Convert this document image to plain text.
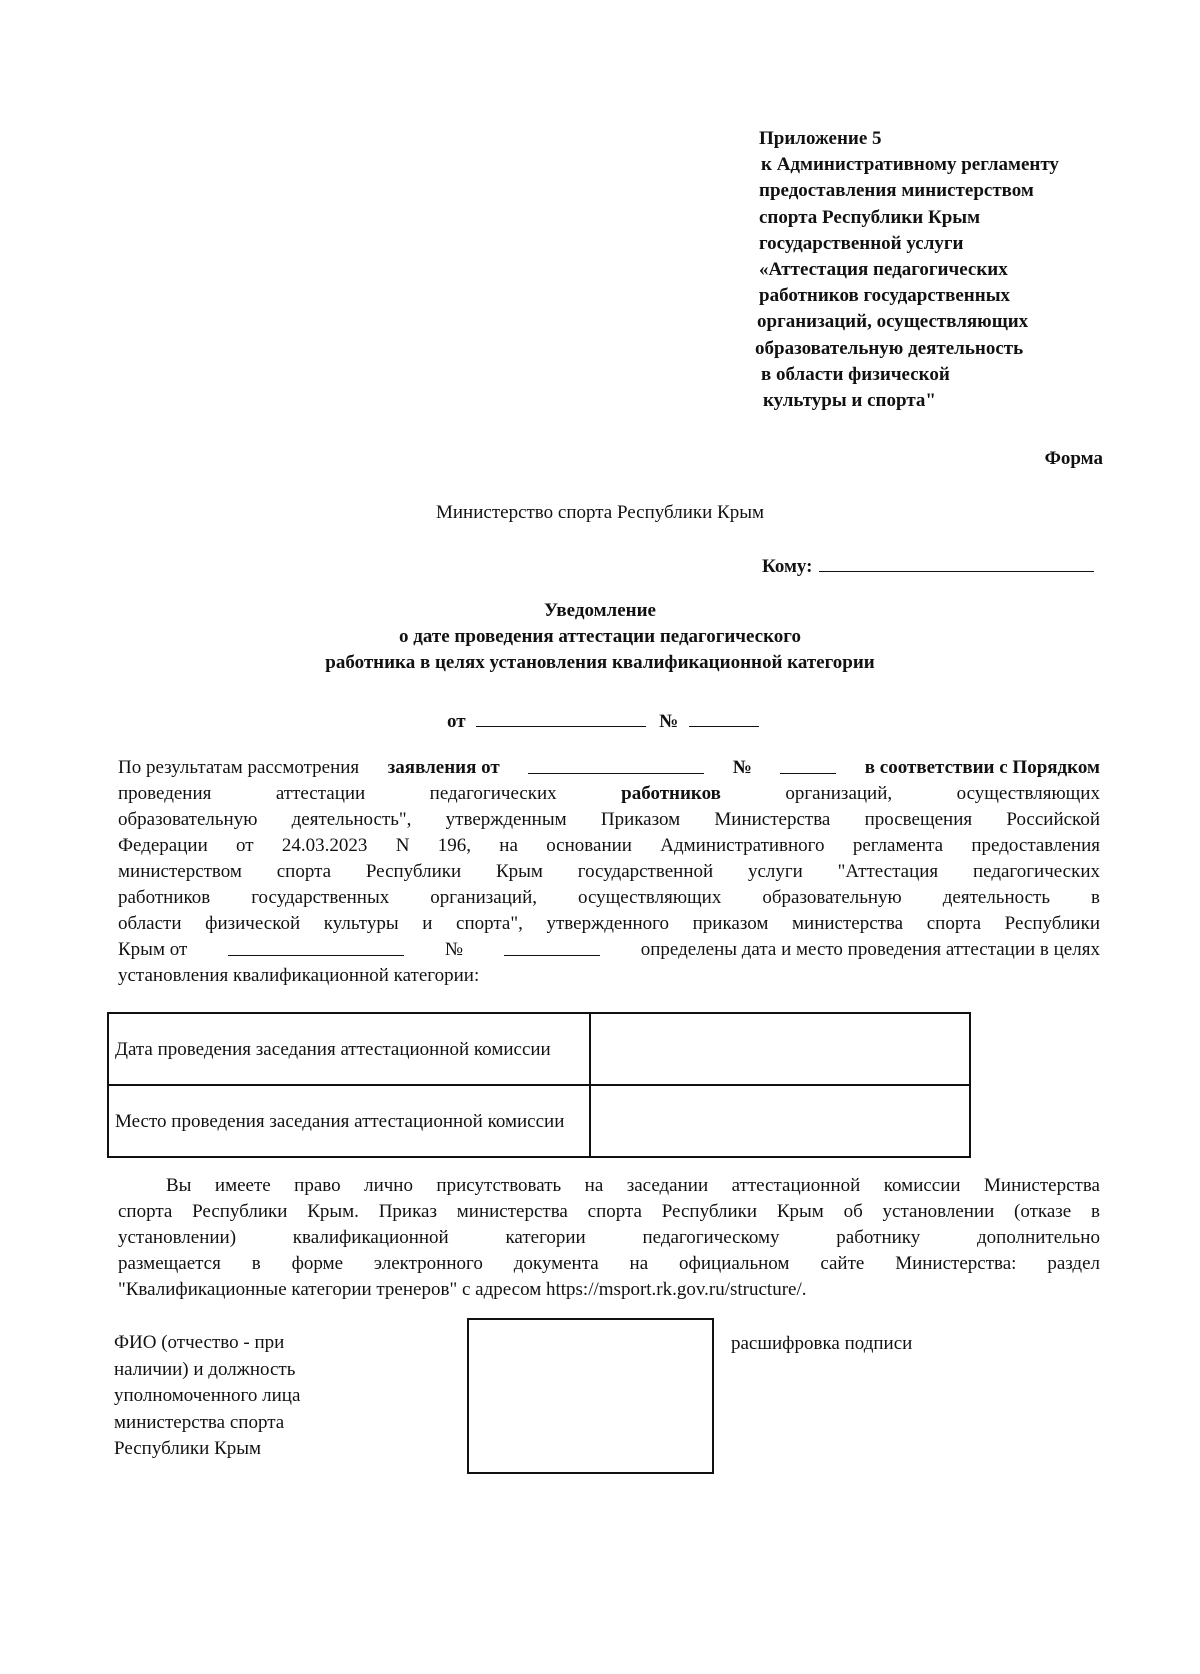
Приложение 5
к Административному регламенту
предоставления министерством
спорта Республики Крым
государственной услуги
«Аттестация педагогических
работников государственных
организаций, осуществляющих
образовательную деятельность
в области физической
культуры и спорта"
Форма
Министерство спорта Республики Крым
Кому:
Уведомление
о дате проведения аттестации педагогического
работника в целях установления квалификационной категории
от	№
По результатам рассмотрения заявления от	№	в соответствии с Порядком
проведения	аттестации	педагогических	работников	организаций,	осуществляющих
образовательную деятельность", утвержденным Приказом Министерства просвещения Российской
Федерации от 24.03.2023 N 196, на основании Административного регламента предоставления
министерством спорта Республики Крым государственной услуги "Аттестация педагогических
работников государственных организаций, осуществляющих образовательную деятельность в
области физической культуры и спорта", утвержденного приказом министерства спорта Республики
Крым от	№	определены дата и место проведения аттестации в целях
установления квалификационной категории:
Дата проведения заседания аттестационной комиссии	
Место проведения заседания аттестационной комиссии	
Вы имеете право лично присутствовать на заседании аттестационной комиссии Министерства
спорта Республики Крым. Приказ министерства спорта Республики Крым об установлении (отказе в
установлении)	квалификационной	категории	педагогическому	работнику	дополнительно
размещается в форме электронного документа на официальном сайте Министерства: раздел
"Квалификационные категории тренеров" с адресом https://msport.rk.gov.ru/structure/.
ФИО (отчество - при
наличии) и должность
уполномоченного лица
министерства спорта
Республики Крым
расшифровка подписи
